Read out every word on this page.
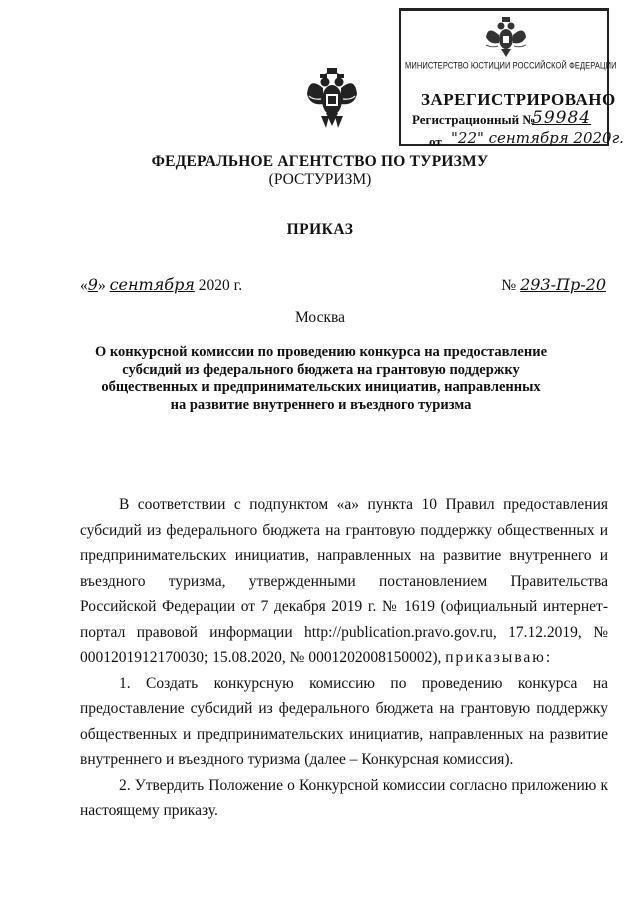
МИНИСТЕРСТВО ЮСТИЦИИ РОССИЙСКОЙ ФЕДЕРАЦИИ
ЗАРЕГИСТРИРОВАНО
Регистрационный №
59984
от "22" сентября 2020г.
ФЕДЕРАЛЬНОЕ АГЕНТСТВО ПО ТУРИЗМУ
(РОСТУРИЗМ)
ПРИКАЗ
«9» сентября 2020 г.	№ 293-Пр-20
Москва
О конкурсной комиссии по проведению конкурса на предоставление субсидий из федерального бюджета на грантовую поддержку общественных и предпринимательских инициатив, направленных на развитие внутреннего и въездного туризма

В соответствии с подпунктом «а» пункта 10 Правил предоставления субсидий из федерального бюджета на грантовую поддержку общественных и предпринимательских инициатив, направленных на развитие внутреннего и въездного туризма, утвержденными постановлением Правительства Российской Федерации от 7 декабря 2019 г. № 1619 (официальный интернет-портал правовой информации http://publication.pravo.gov.ru, 17.12.2019, № 0001201912170030; 15.08.2020, № 0001202008150002), приказываю:

1. Создать конкурсную комиссию по проведению конкурса на предоставление субсидий из федерального бюджета на грантовую поддержку общественных и предпринимательских инициатив, направленных на развитие внутреннего и въездного туризма (далее – Конкурсная комиссия).

2. Утвердить Положение о Конкурсной комиссии согласно приложению к настоящему приказу.
